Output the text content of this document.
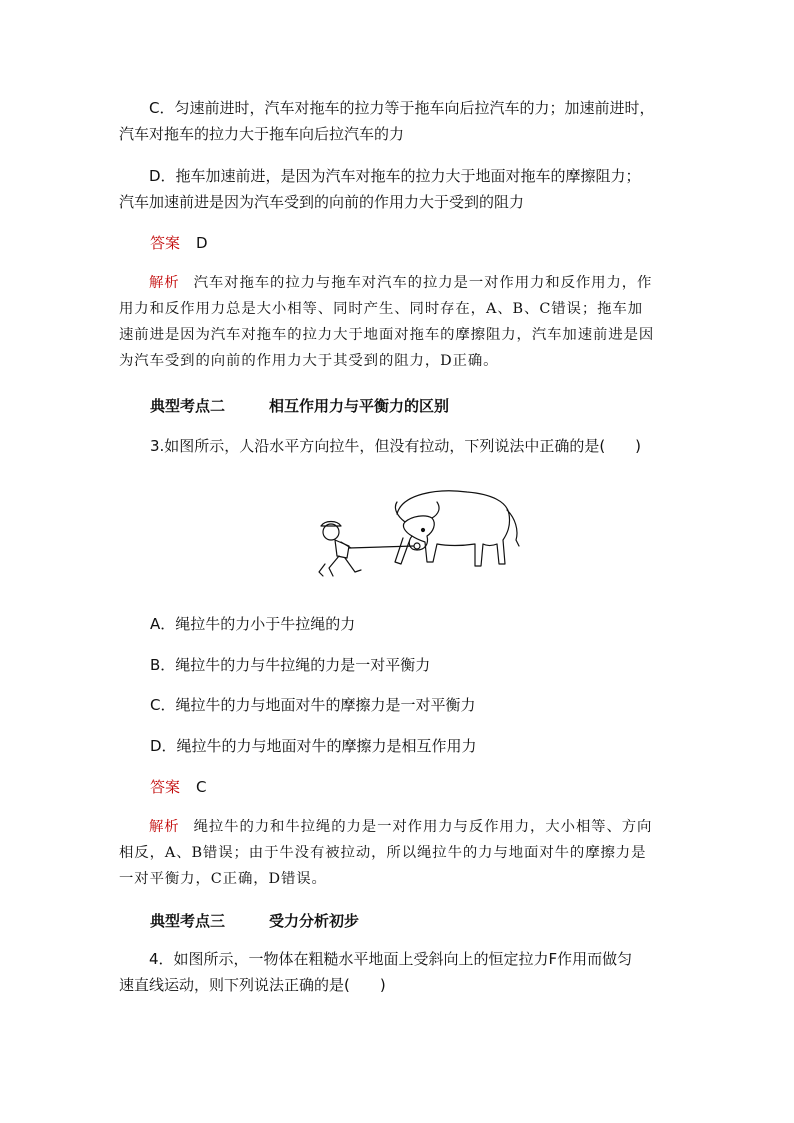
C．匀速前进时，汽车对拖车的拉力等于拖车向后拉汽车的力；加速前进时，
汽车对拖车的拉力大于拖车向后拉汽车的力
D．拖车加速前进，是因为汽车对拖车的拉力大于地面对拖车的摩擦阻力；
汽车加速前进是因为汽车受到的向前的作用力大于受到的阻力
答案 D
解析 汽车对拖车的拉力与拖车对汽车的拉力是一对作用力和反作用力，作
用力和反作用力总是大小相等、同时产生、同时存在，A、B、C错误；拖车加
速前进是因为汽车对拖车的拉力大于地面对拖车的摩擦阻力，汽车加速前进是因
为汽车受到的向前的作用力大于其受到的阻力，D正确。
典型考点二	相互作用力与平衡力的区别
3.如图所示，人沿水平方向拉牛，但没有拉动，下列说法中正确的是(　　)
A．绳拉牛的力小于牛拉绳的力
B．绳拉牛的力与牛拉绳的力是一对平衡力
C．绳拉牛的力与地面对牛的摩擦力是一对平衡力
D．绳拉牛的力与地面对牛的摩擦力是相互作用力
答案 C
解析 绳拉牛的力和牛拉绳的力是一对作用力与反作用力，大小相等、方向
相反，A、B错误；由于牛没有被拉动，所以绳拉牛的力与地面对牛的摩擦力是
一对平衡力，C正确，D错误。
典型考点三	受力分析初步
4．如图所示，一物体在粗糙水平地面上受斜向上的恒定拉力F作用而做匀
速直线运动，则下列说法正确的是(　　)
